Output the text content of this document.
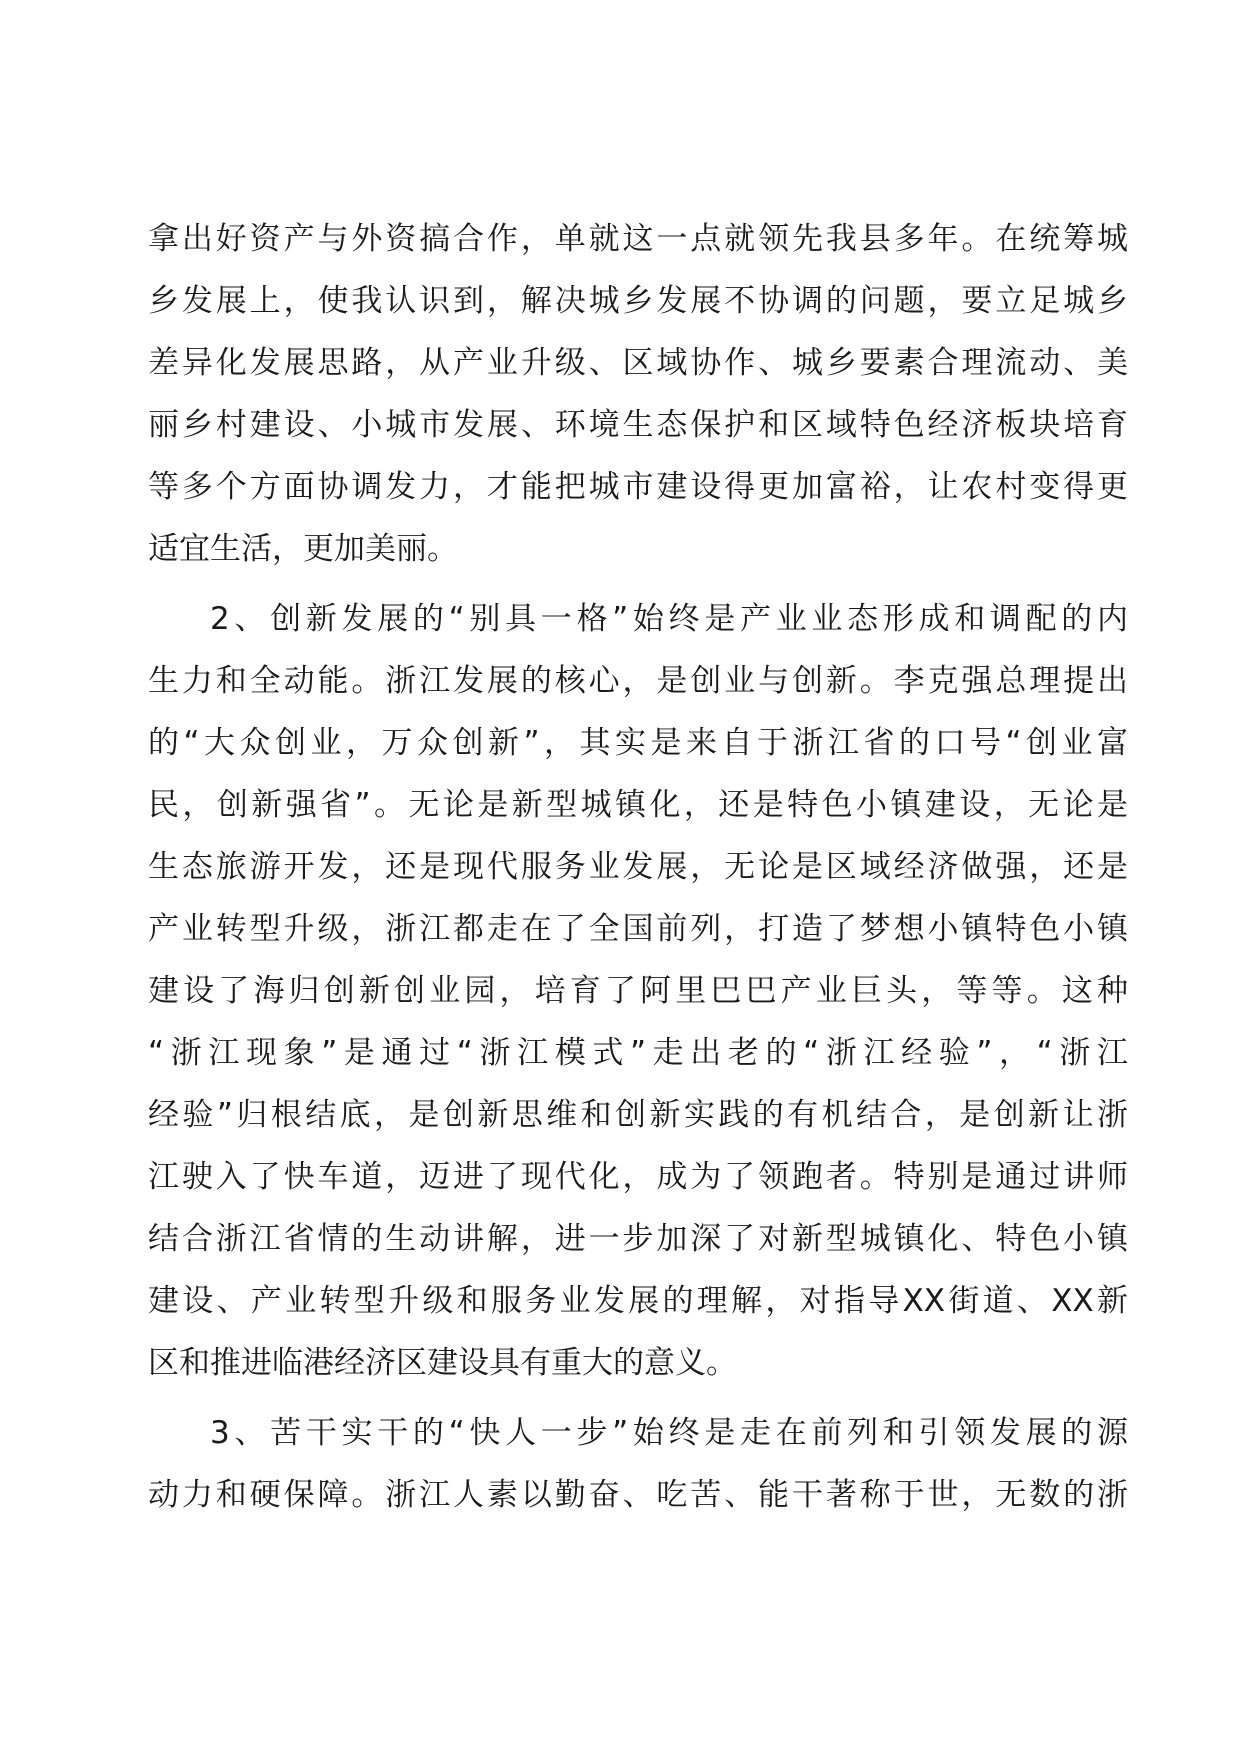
拿出好资产与外资搞合作，单就这一点就领先我县多年。在统筹城
乡发展上，使我认识到，解决城乡发展不协调的问题，要立足城乡
差异化发展思路，从产业升级、区域协作、城乡要素合理流动、美
丽乡村建设、小城市发展、环境生态保护和区域特色经济板块培育
等多个方面协调发力，才能把城市建设得更加富裕，让农村变得更
适宜生活，更加美丽。
2、创新发展的“别具一格”始终是产业业态形成和调配的内
生力和全动能。浙江发展的核心，是创业与创新。李克强总理提出
的“大众创业，万众创新”，其实是来自于浙江省的口号“创业富
民，创新强省”。无论是新型城镇化，还是特色小镇建设，无论是
生态旅游开发，还是现代服务业发展，无论是区域经济做强，还是
产业转型升级，浙江都走在了全国前列，打造了梦想小镇特色小镇
建设了海归创新创业园，培育了阿里巴巴产业巨头，等等。这种
“浙江现象”是通过“浙江模式”走出老的“浙江经验”，“浙江
经验”归根结底，是创新思维和创新实践的有机结合，是创新让浙
江驶入了快车道，迈进了现代化，成为了领跑者。特别是通过讲师
结合浙江省情的生动讲解，进一步加深了对新型城镇化、特色小镇
建设、产业转型升级和服务业发展的理解，对指导XX街道、XX新
区和推进临港经济区建设具有重大的意义。
3、苦干实干的“快人一步”始终是走在前列和引领发展的源
动力和硬保障。浙江人素以勤奋、吃苦、能干著称于世，无数的浙
